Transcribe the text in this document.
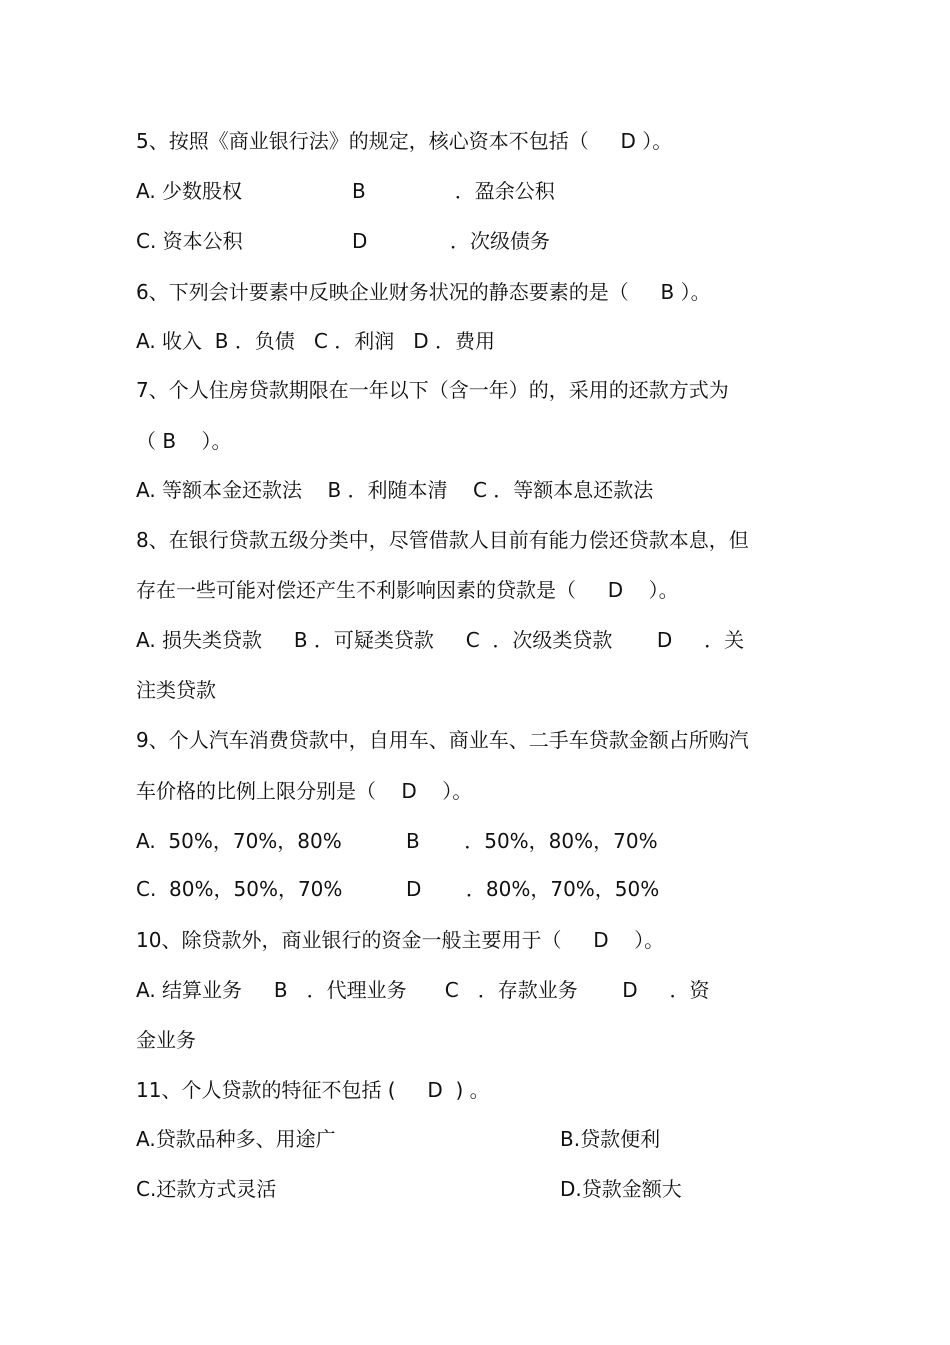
5、按照《商业银行法》的规定，核心资本不包括（     D ）。
A. 少数股权	B              ．盈余公积
C. 资本公积	D             ．次级债务
6、下列会计要素中反映企业财务状况的静态要素的是（     B ）。
A. 收入  B ．负债   C ．利润   D ．费用
7、个人住房贷款期限在一年以下（含一年）的，采用的还款方式为
（ B    ）。
A. 等额本金还款法    B ．利随本清    C ．等额本息还款法
8、在银行贷款五级分类中，尽管借款人目前有能力偿还贷款本息，但
存在一些可能对偿还产生不利影响因素的贷款是（     D    ）。
A. 损失类贷款     B ．可疑类贷款     C  ．次级类贷款       D     ．关
注类贷款
9、个人汽车消费贷款中，自用车、商业车、二手车贷款金额占所购汽
车价格的比例上限分别是（    D    ）。
A.  50%，70%，80%	B       ．50%，80%，70%
C.  80%，50%，70%	D       ．80%，70%，50%
10、除贷款外，商业银行的资金一般主要用于（     D    ）。
A. 结算业务     B   ．代理业务      C   ．存款业务       D     ．资
金业务
11、个人贷款的特征不包括 (     D  ) 。
A.贷款品种多、用途广	B.贷款便利
C.还款方式灵活	D.贷款金额大
